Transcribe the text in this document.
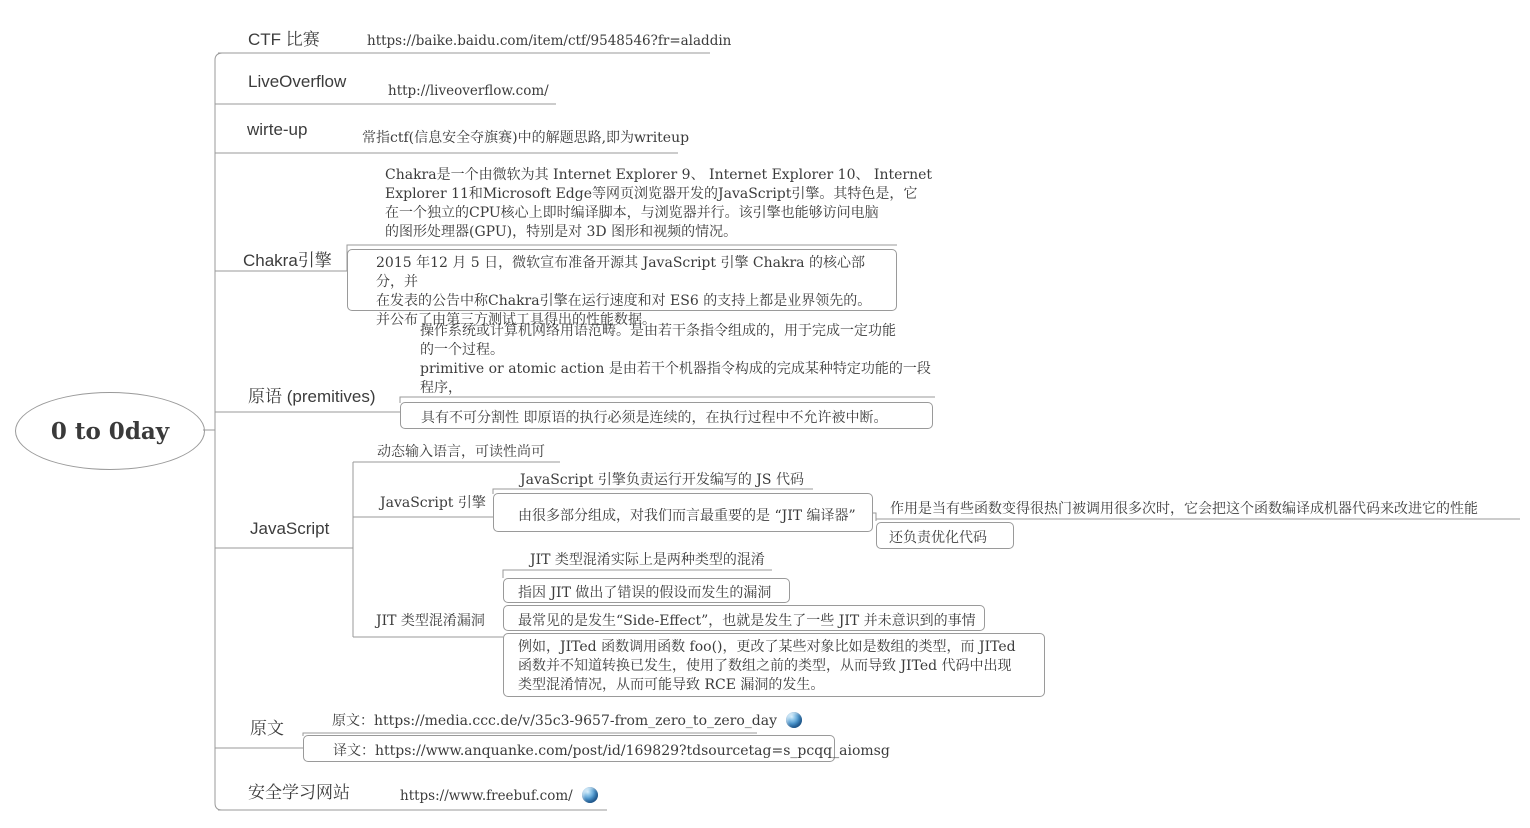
0 to 0day
CTF 比赛
LiveOverflow
wirte-up
Chakra引擎
原语 (premitives)
JavaScript
原文
安全学习网站
https://baike.baidu.com/item/ctf/9548546?fr=aladdin
http://liveoverflow.com/
常指ctf(信息安全夺旗赛)中的解题思路,即为writeup
Chakra是一个由微软为其 Internet Explorer 9、 Internet Explorer 10、 Internet
Explorer 11和Microsoft Edge等网页浏览器开发的JavaScript引擎。其特色是，它
在一个独立的CPU核心上即时编译脚本，与浏览器并行。该引擎也能够访问电脑
的图形处理器(GPU)，特别是对 3D 图形和视频的情况。
2015 年12 月 5 日，微软宣布准备开源其 JavaScript 引擎 Chakra 的核心部分，并
在发表的公告中称Chakra引擎在运行速度和对 ES6 的支持上都是业界领先的。
并公布了由第三方测试工具得出的性能数据。
操作系统或计算机网络用语范畴。是由若干条指令组成的，用于完成一定功能
的一个过程。
primitive or atomic action 是由若干个机器指令构成的完成某种特定功能的一段
程序，
具有不可分割性 即原语的执行必须是连续的，在执行过程中不允许被中断。
动态输入语言，可读性尚可
JavaScript 引擎
JavaScript 引擎负责运行开发编写的 JS 代码
由很多部分组成，对我们而言最重要的是 “JIT 编译器”	作用是当有些函数变得很热门被调用很多次时，它会把这个函数编译成机器代码来改进它的性能
还负责优化代码
JIT 类型混淆漏洞
JIT 类型混淆实际上是两种类型的混淆
指因 JIT 做出了错误的假设而发生的漏洞
最常见的是发生“Side-Effect”，也就是发生了一些 JIT 并未意识到的事情
例如，JITed 函数调用函数 foo()，更改了某些对象比如是数组的类型，而 JITed
函数并不知道转换已发生，使用了数组之前的类型，从而导致 JITed 代码中出现
类型混淆情况，从而可能导致 RCE 漏洞的发生。
原文：https://media.ccc.de/v/35c3-9657-from_zero_to_zero_day
译文：https://www.anquanke.com/post/id/169829?tdsourcetag=s_pcqq_aiomsg
https://www.freebuf.com/
